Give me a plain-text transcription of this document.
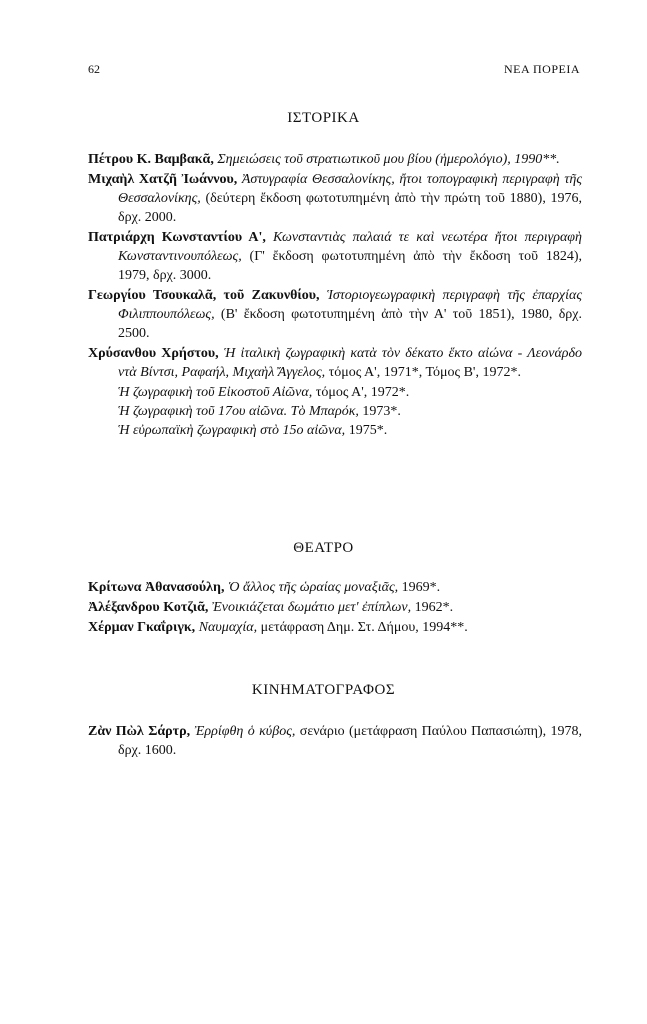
62	ΝΕΑ ΠΟΡΕΙΑ
ΙΣΤΟΡΙΚΑ

Πέτρου Κ. Βαμβακᾶ, Σημειώσεις τοῦ στρατιωτικοῦ μου βίου (ἡμερολόγιο), 1990**.

Μιχαὴλ Χατζῆ Ἰωάννου, Ἀστυγραφία Θεσσαλονίκης, ἤτοι τοπογραφικὴ περιγραφὴ τῆς Θεσσαλονίκης, (δεύτερη ἔκδοση φωτοτυπημένη ἀπὸ τὴν πρώτη τοῦ 1880), 1976, δρχ. 2000.

Πατριάρχη Κωνσταντίου Α', Κωνσταντιὰς παλαιά τε καὶ νεωτέρα ἤτοι περιγραφὴ Κωνσταντινουπόλεως, (Γ' ἔκδοση φωτοτυπημένη ἀπὸ τὴν ἔκδοση τοῦ 1824), 1979, δρχ. 3000.

Γεωργίου Τσουκαλᾶ, τοῦ Ζακυνθίου, Ἱστοριογεωγραφικὴ περιγραφὴ τῆς ἐπαρχίας Φιλιππουπόλεως, (Β' ἔκδοση φωτοτυπημένη ἀπὸ τὴν Α' τοῦ 1851), 1980, δρχ. 2500.

Χρύσανθου Χρήστου, Ἡ ἰταλικὴ ζωγραφικὴ κατὰ τὸν δέκατο ἕκτο αἰώνα - Λεονάρδο ντὰ Βίντσι, Ραφαήλ, Μιχαὴλ Ἄγγελος, τόμος Α', 1971*, Τόμος Β', 1972*.

Ἡ ζωγραφικὴ τοῦ Εἰκοστοῦ Αἰῶνα, τόμος Α', 1972*.

Ἡ ζωγραφικὴ τοῦ 17ου αἰῶνα. Τὸ Μπαρόκ, 1973*.

Ἡ εὐρωπαϊκὴ ζωγραφικὴ στὸ 15ο αἰῶνα, 1975*.

ΘΕΑΤΡΟ

Κρίτωνα Ἀθανασούλη, Ὁ ἄλλος τῆς ὡραίας μοναξιᾶς, 1969*.

Ἀλέξανδρου Κοτζιᾶ, Ἐνοικιάζεται δωμάτιο μετ' ἐπίπλων, 1962*.

Χέρμαν Γκαΐριγκ, Ναυμαχία, μετάφραση Δημ. Στ. Δήμου, 1994**.

ΚΙΝΗΜΑΤΟΓΡΑΦΟΣ

Ζὰν Πὼλ Σάρτρ, Ἐρρίφθη ὁ κύβος, σενάριο (μετάφραση Παύλου Παπασιώπη), 1978, δρχ. 1600.
